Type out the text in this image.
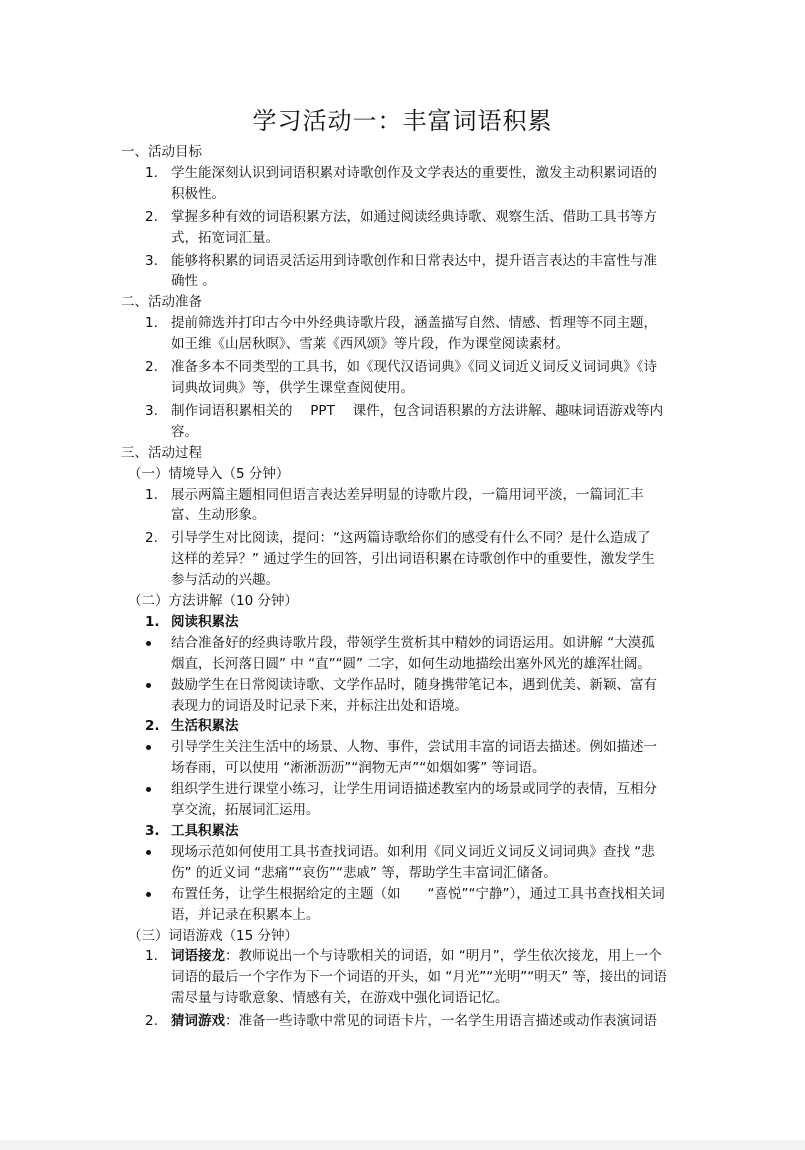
学习活动一：丰富词语积累
一、活动目标
1. 学生能深刻认识到词语积累对诗歌创作及文学表达的重要性，激发主动积累词语的
积极性。
2. 掌握多种有效的词语积累方法，如通过阅读经典诗歌、观察生活、借助工具书等方
式，拓宽词汇量。
3. 能够将积累的词语灵活运用到诗歌创作和日常表达中，提升语言表达的丰富性与准
确性 。
二、活动准备
1. 提前筛选并打印古今中外经典诗歌片段，涵盖描写自然、情感、哲理等不同主题，
如王维《山居秋暝》、雪莱《西风颂》等片段，作为课堂阅读素材。
2. 准备多本不同类型的工具书，如《现代汉语词典》《同义词近义词反义词词典》《诗
词典故词典》等，供学生课堂查阅使用。
3. 制作词语积累相关的　 PPT　 课件，包含词语积累的方法讲解、趣味词语游戏等内
容。
三、活动过程
（一）情境导入（5 分钟）
1. 展示两篇主题相同但语言表达差异明显的诗歌片段，一篇用词平淡，一篇词汇丰
富、生动形象。
2. 引导学生对比阅读，提问：“这两篇诗歌给你们的感受有什么不同？是什么造成了
这样的差异？” 通过学生的回答，引出词语积累在诗歌创作中的重要性，激发学生
参与活动的兴趣。
（二）方法讲解（10 分钟）
1. 阅读积累法
结合准备好的经典诗歌片段，带领学生赏析其中精妙的词语运用。如讲解 “大漠孤
烟直，长河落日圆” 中 “直”“圆” 二字，如何生动地描绘出塞外风光的雄浑壮阔。
鼓励学生在日常阅读诗歌、文学作品时，随身携带笔记本，遇到优美、新颖、富有
表现力的词语及时记录下来，并标注出处和语境。
2. 生活积累法
引导学生关注生活中的场景、人物、事件，尝试用丰富的词语去描述。例如描述一
场春雨，可以使用 “淅淅沥沥”“润物无声”“如烟如雾” 等词语。
组织学生进行课堂小练习，让学生用词语描述教室内的场景或同学的表情，互相分
享交流，拓展词汇运用。
3. 工具积累法
现场示范如何使用工具书查找词语。如利用《同义词近义词反义词词典》查找 “悲
伤” 的近义词 “悲痛”“哀伤”“悲戚” 等，帮助学生丰富词汇储备。
布置任务，让学生根据给定的主题（如　　“喜悦”“宁静”），通过工具书查找相关词
语，并记录在积累本上。
（三）词语游戏（15 分钟）
1. 词语接龙：教师说出一个与诗歌相关的词语，如 “明月”，学生依次接龙，用上一个
词语的最后一个字作为下一个词语的开头，如 “月光”“光明”“明天” 等，接出的词语
需尽量与诗歌意象、情感有关，在游戏中强化词语记忆。
2. 猜词游戏：准备一些诗歌中常见的词语卡片，一名学生用语言描述或动作表演词语
